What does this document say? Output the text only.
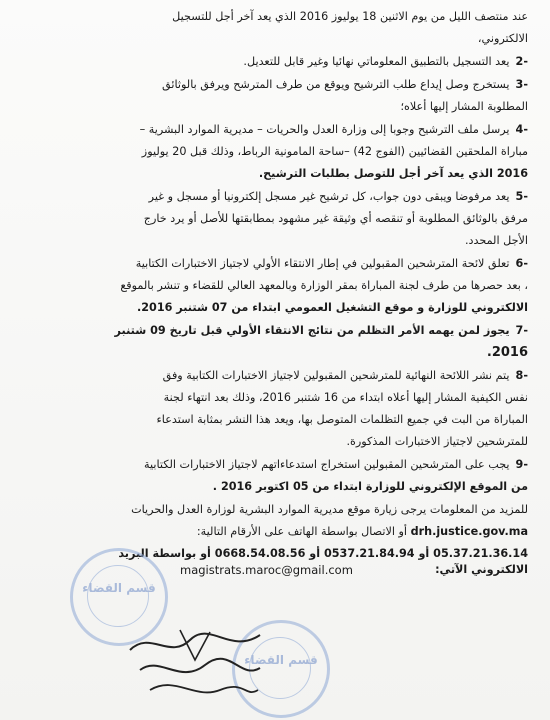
عند منتصف الليل من يوم الاثنين 18 يوليوز 2016 الذي يعد آخر أجل للتسجيل
الالكتروني،
-2يعد التسجيل بالتطبيق المعلوماتي نهائيا وغير قابل للتعديل.
-3يستخرج وصل إيداع طلب الترشيح ويوقع من طرف المترشح ويرفق بالوثائق
المطلوبة المشار إليها أعلاه؛
-4يرسل ملف الترشيح وجوبا إلى وزارة العدل والحريات – مديرية الموارد البشرية –
مباراة الملحقين القضائيين (الفوج 42) –ساحة المامونية الرباط، وذلك قبل 20 يوليوز
2016 الذي يعد آخر أجل للتوصل بطلبات الترشيح.
-5يعد مرفوضا ويبقى دون جواب، كل ترشيح غير مسجل إلكترونيا أو مسجل و غير
مرفق بالوثائق المطلوبة أو تنقصه أي وثيقة غير مشهود بمطابقتها للأصل أو يرد خارج
الأجل المحدد.
-6تعلق لائحة المترشحين المقبولين في إطار الانتقاء الأولي لاجتياز الاختبارات الكتابية
، بعد حصرها من طرف لجنة المباراة بمقر الوزارة وبالمعهد العالي للقضاء و تنشر بالموقع
الالكتروني للوزارة و موقع التشغيل العمومي ابتداء من 07 شتنبر 2016.
-7يجوز لمن يهمه الأمر التظلم من نتائج الانتقاء الأولي قبل تاريخ 09 شتنبر
2016.
-8يتم نشر اللائحة النهائية للمترشحين المقبولين لاجتياز الاختبارات الكتابية وفق
نفس الكيفية المشار إليها أعلاه ابتداء من 16 شتنبر 2016، وذلك بعد انتهاء لجنة
المباراة من البت في جميع التظلمات المتوصل بها، ويعد هذا النشر بمثابة استدعاء
للمترشحين لاجتياز الاختبارات المذكورة.
-9يجب على المترشحين المقبولين استخراج استدعاءاتهم لاجتياز الاختبارات الكتابية
من الموقع الإلكتروني للوزارة ابتداء من 05 اكتوبر 2016 .
للمزيد من المعلومات يرجى زيارة موقع مديرية الموارد البشرية لوزارة العدل والحريات
drh.justice.gov.ma أو الاتصال بواسطة الهاتف على الأرقام التالية:
05.37.21.36.14 أو 0537.21.84.94 أو 0668.54.08.56 أو بواسطة البريد
الالكتروني الآتي:
magistrats.maroc@gmail.com
قسم القضاء
قسم القضاء
